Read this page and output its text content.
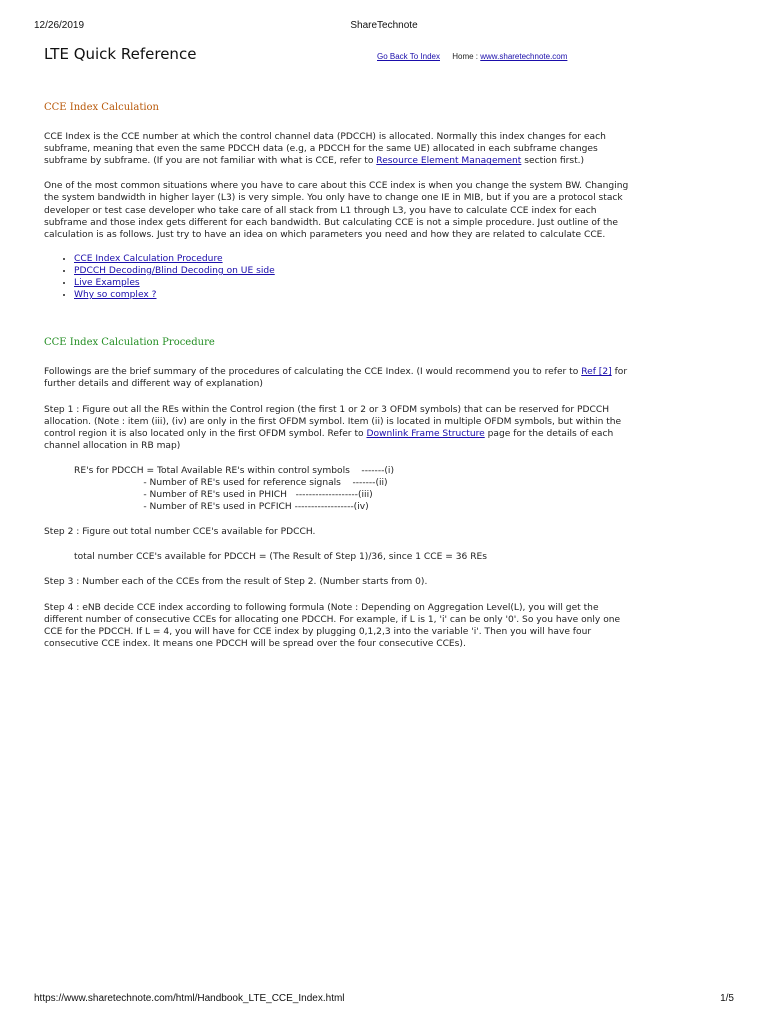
12/26/2019	ShareTechnote
LTE Quick Reference	Go Back To Index Home : www.sharetechnote.com
CCE Index Calculation

CCE Index is the CCE number at which the control channel data (PDCCH) is allocated. Normally this index changes for each subframe, meaning that even the same PDCCH data (e.g, a PDCCH for the same UE) allocated in each subframe changes subframe by subframe. (If you are not familiar with what is CCE, refer to Resource Element Management section first.)

One of the most common situations where you have to care about this CCE index is when you change the system BW. Changing the system bandwidth in higher layer (L3) is very simple. You only have to change one IE in MIB, but if you are a protocol stack developer or test case developer who take care of all stack from L1 through L3, you have to calculate CCE index for each subframe and those index gets different for each bandwidth. But calculating CCE is not a simple procedure. Just outline of the calculation is as follows. Just try to have an idea on which parameters you need and how they are related to calculate CCE.

• CCE Index Calculation Procedure
• PDCCH Decoding/Blind Decoding on UE side
• Live Examples
• Why so complex ?
CCE Index Calculation Procedure

Followings are the brief summary of the procedures of calculating the CCE Index. (I would recommend you to refer to Ref [2] for further details and different way of explanation)

Step 1 : Figure out all the REs within the Control region (the first 1 or 2 or 3 OFDM symbols) that can be reserved for PDCCH allocation. (Note : item (iii), (iv) are only in the first OFDM symbol. Item (ii) is located in multiple OFDM symbols, but within the control region it is also located only in the first OFDM symbol. Refer to Downlink Frame Structure page for the details of each channel allocation in RB map)

RE's for PDCCH = Total Available RE's within control symbols    -------(i)
- Number of RE's used for reference signals    -------(ii)
- Number of RE's used in PHICH   -------------------(iii)
- Number of RE's used in PCFICH ------------------(iv)

Step 2 : Figure out total number CCE's available for PDCCH.

total number CCE's available for PDCCH = (The Result of Step 1)/36, since 1 CCE = 36 REs

Step 3 : Number each of the CCEs from the result of Step 2. (Number starts from 0).

Step 4 : eNB decide CCE index according to following formula (Note : Depending on Aggregation Level(L), you will get the different number of consecutive CCEs for allocating one PDCCH. For example, if L is 1, 'i' can be only '0'. So you have only one CCE for the PDCCH. If L = 4, you will have for CCE index by plugging 0,1,2,3 into the variable 'i'. Then you will have four consecutive CCE index. It means one PDCCH will be spread over the four consecutive CCEs).

https://www.sharetechnote.com/html/Handbook_LTE_CCE_Index.html	1/5
